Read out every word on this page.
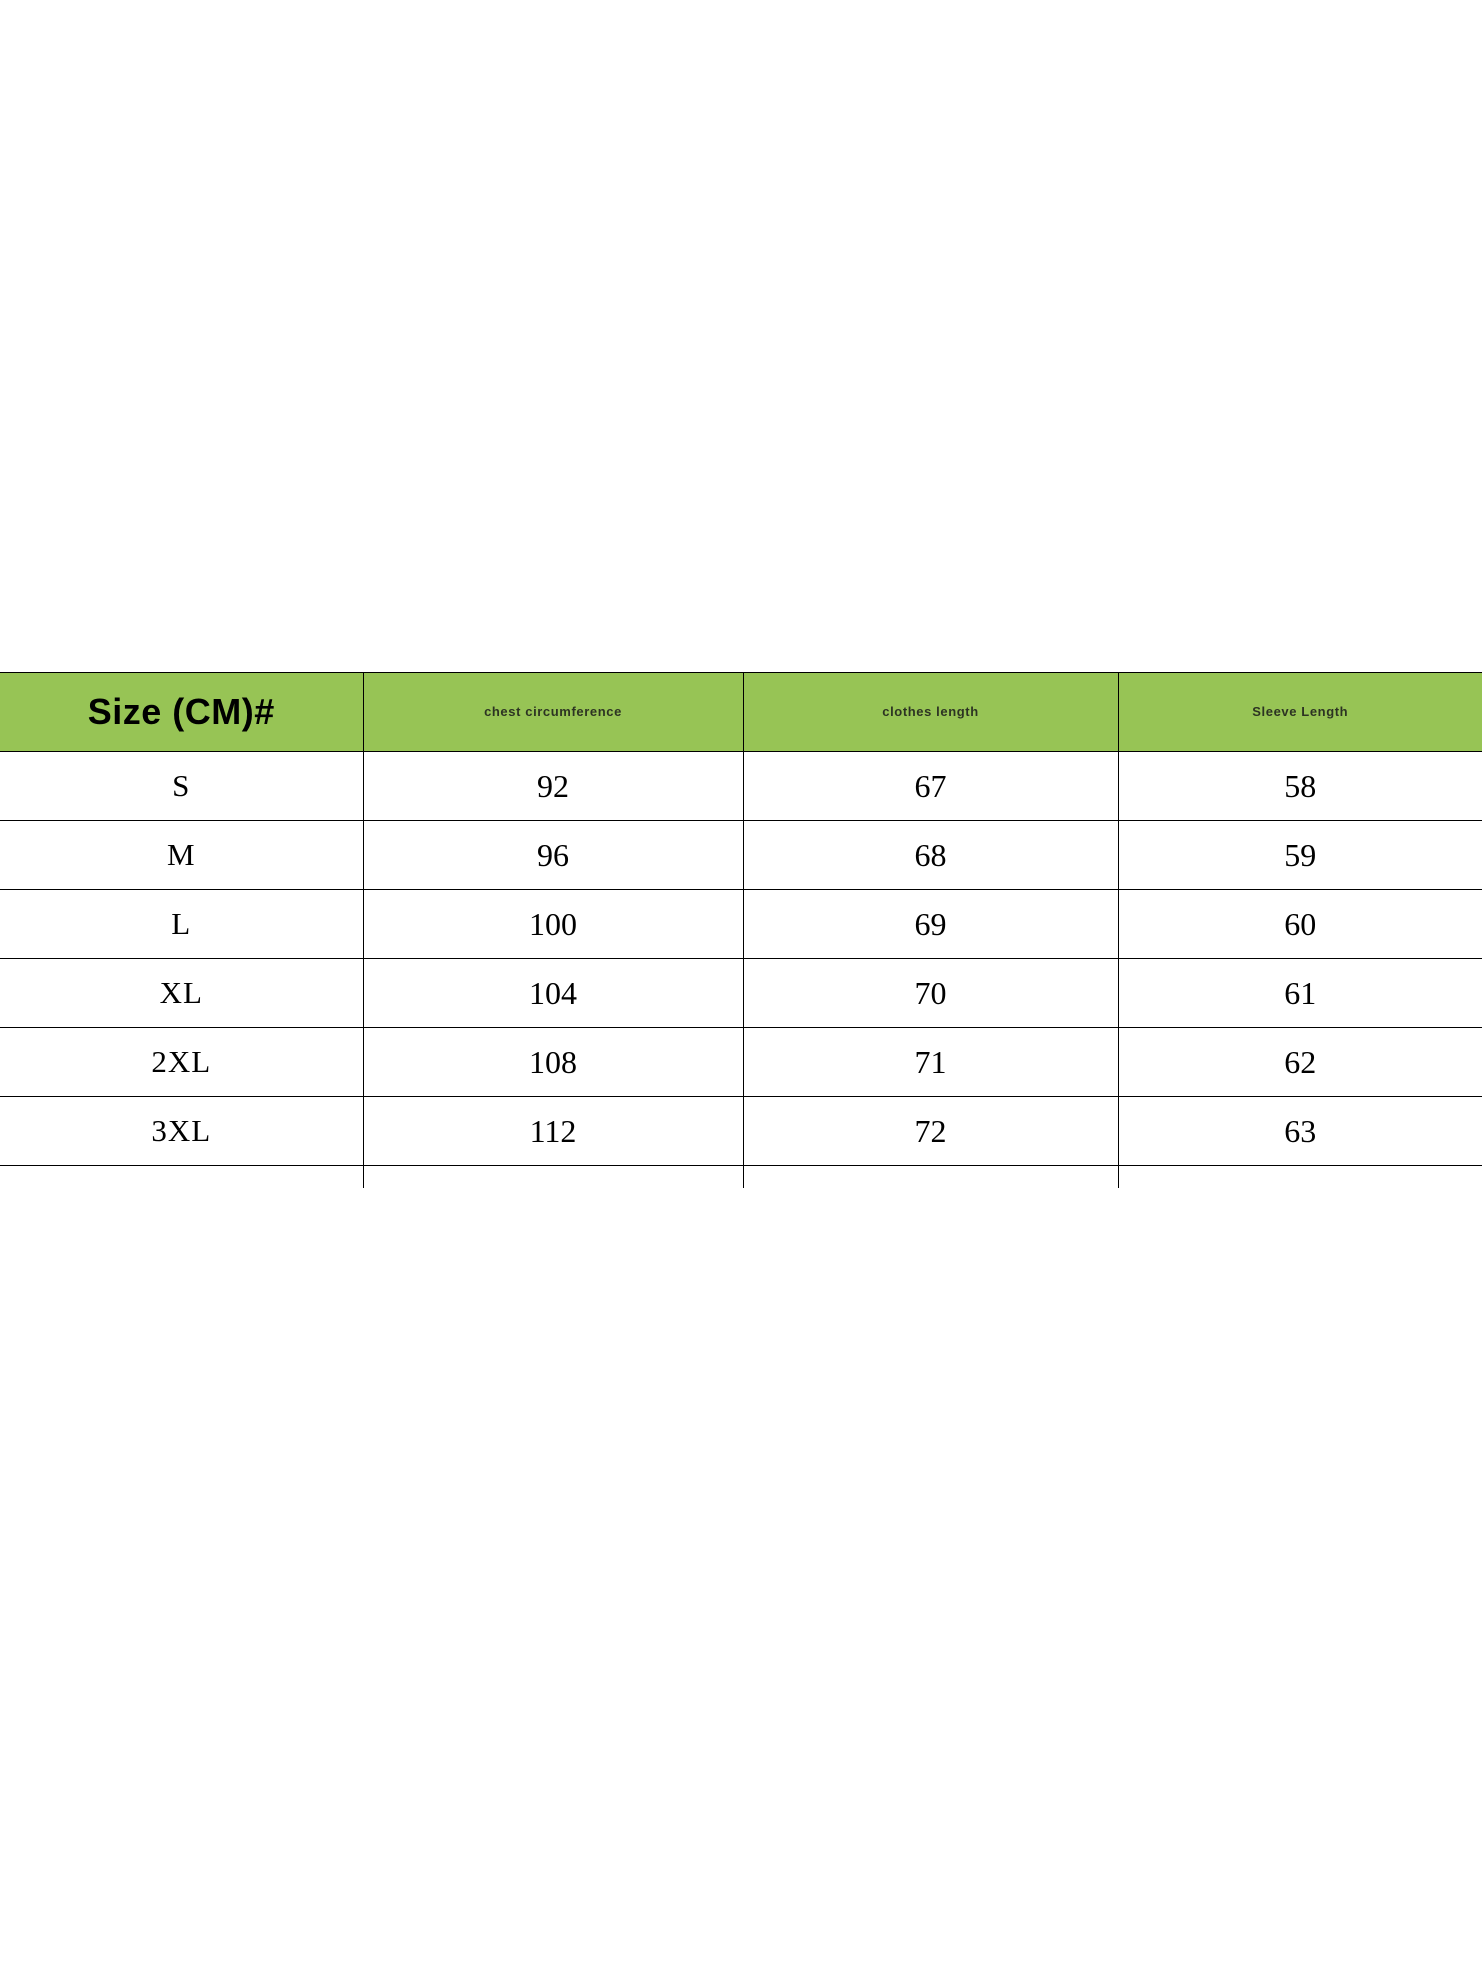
Size (CM)#	chest circumference	clothes length	Sleeve Length
S	92	67	58
M	96	68	59
L	100	69	60
XL	104	70	61
2XL	108	71	62
3XL	112	72	63
